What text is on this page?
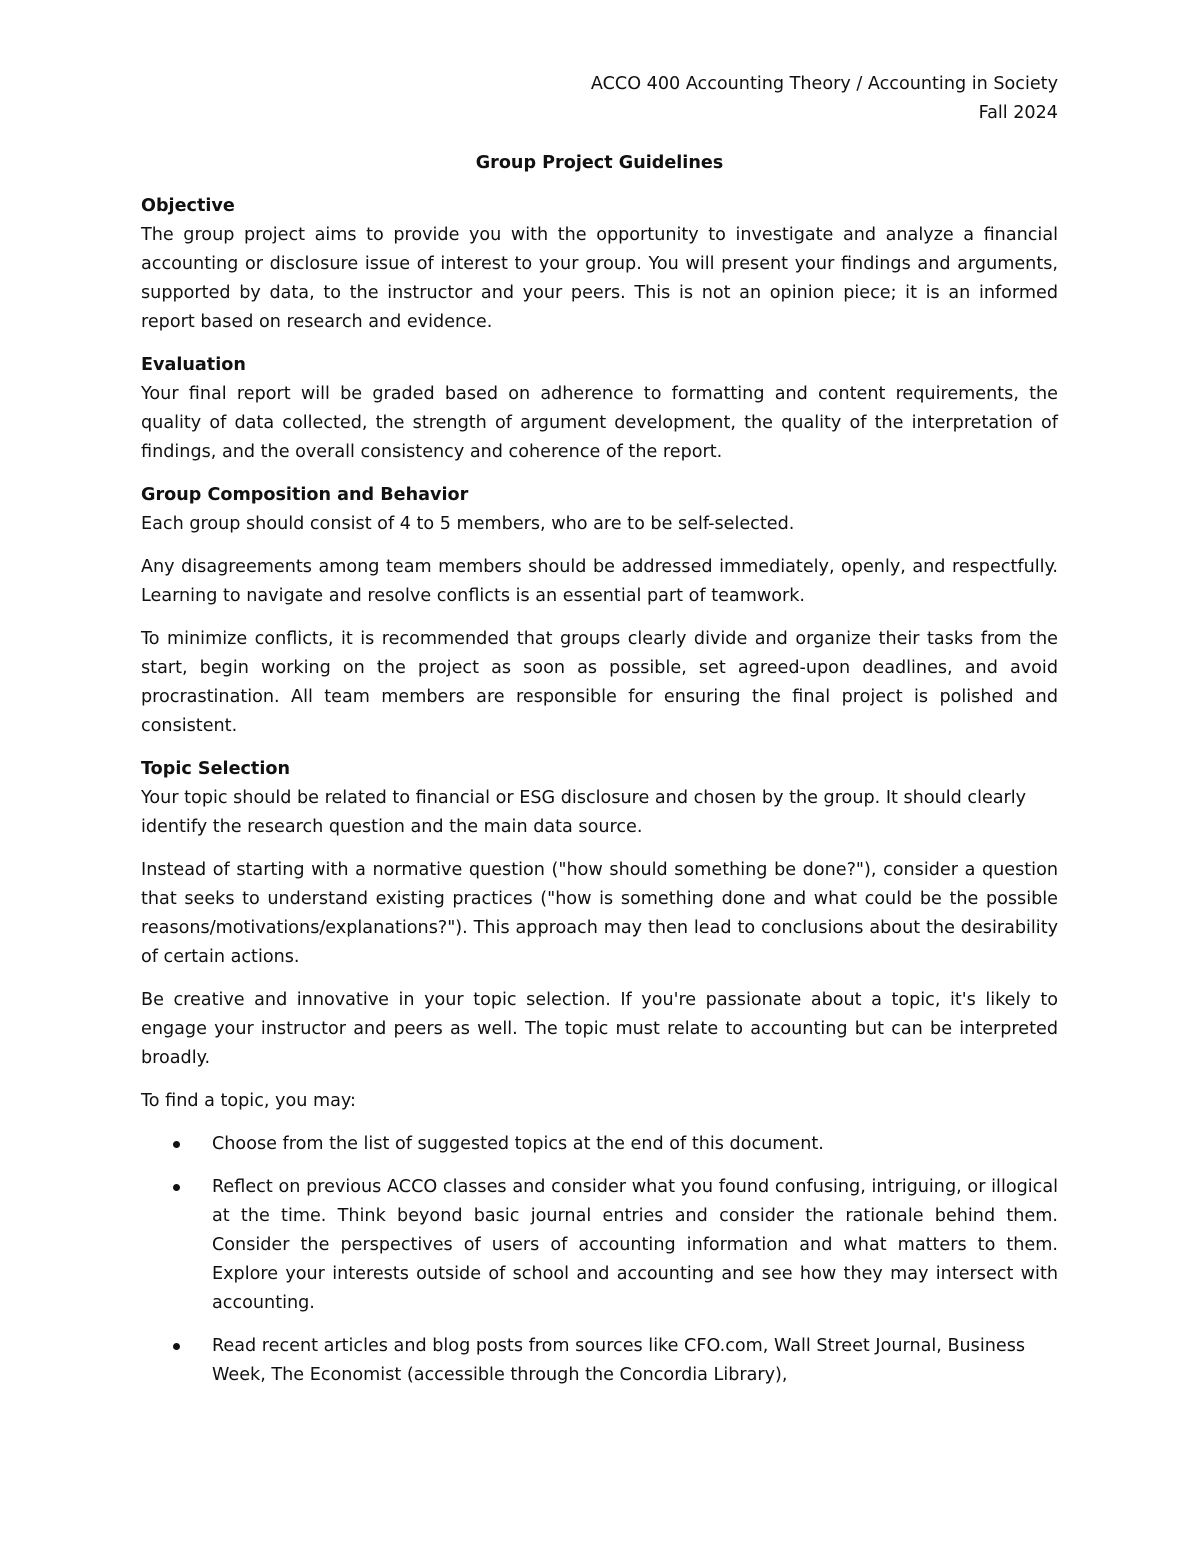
ACCO 400 Accounting Theory / Accounting in Society

Fall 2024

Group Project Guidelines

Objective

The group project aims to provide you with the opportunity to investigate and analyze a financial accounting or disclosure issue of interest to your group. You will present your findings and arguments, supported by data, to the instructor and your peers. This is not an opinion piece; it is an informed report based on research and evidence.

Evaluation

Your final report will be graded based on adherence to formatting and content requirements, the quality of data collected, the strength of argument development, the quality of the interpretation of findings, and the overall consistency and coherence of the report.

Group Composition and Behavior

Each group should consist of 4 to 5 members, who are to be self-selected.

Any disagreements among team members should be addressed immediately, openly, and respectfully. Learning to navigate and resolve conflicts is an essential part of teamwork.

To minimize conflicts, it is recommended that groups clearly divide and organize their tasks from the start, begin working on the project as soon as possible, set agreed-upon deadlines, and avoid procrastination. All team members are responsible for ensuring the final project is polished and consistent.

Topic Selection

Your topic should be related to financial or ESG disclosure and chosen by the group. It should clearly identify the research question and the main data source.

Instead of starting with a normative question ("how should something be done?"), consider a question that seeks to understand existing practices ("how is something done and what could be the possible reasons/motivations/explanations?"). This approach may then lead to conclusions about the desirability of certain actions.

Be creative and innovative in your topic selection. If you're passionate about a topic, it's likely to engage your instructor and peers as well. The topic must relate to accounting but can be interpreted broadly.

To find a topic, you may:

Choose from the list of suggested topics at the end of this document.
Reflect on previous ACCO classes and consider what you found confusing, intriguing, or illogical at the time. Think beyond basic journal entries and consider the rationale behind them. Consider the perspectives of users of accounting information and what matters to them. Explore your interests outside of school and accounting and see how they may intersect with accounting.
Read recent articles and blog posts from sources like CFO.com, Wall Street Journal, Business Week, The Economist (accessible through the Concordia Library),
